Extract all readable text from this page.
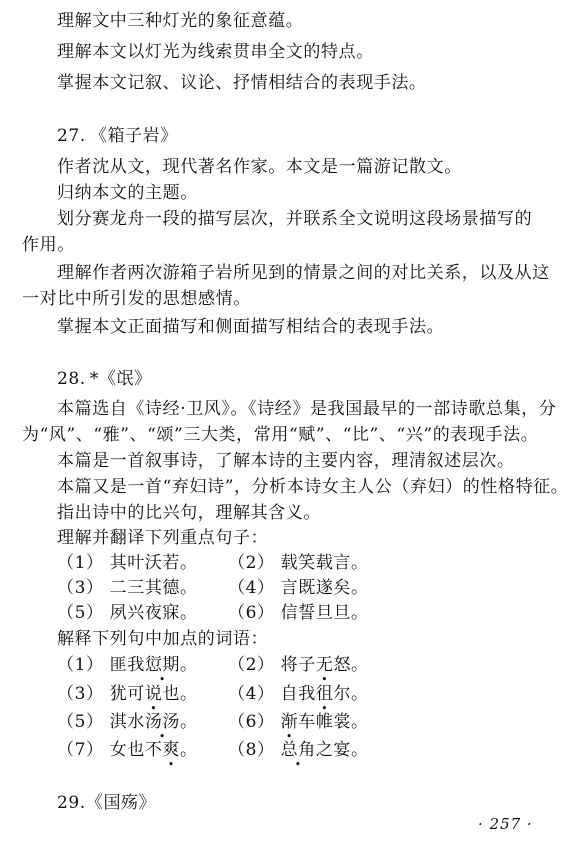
理解文中三种灯光的象征意蕴。
理解本文以灯光为线索贯串全文的特点。
掌握本文记叙、议论、抒情相结合的表现手法。
27. 《箱子岩》
作者沈从文，现代著名作家。本文是一篇游记散文。
归纳本文的主题。
划分赛龙舟一段的描写层次，并联系全文说明这段场景描写的
作用。
理解作者两次游箱子岩所见到的情景之间的对比关系，以及从这
一对比中所引发的思想感情。
掌握本文正面描写和侧面描写相结合的表现手法。
28. *《氓》
本篇选自《诗经·卫风》。《诗经》是我国最早的一部诗歌总集，分
为“风”、“雅”、“颂”三大类，常用“赋”、“比”、“兴”的表现手法。
本篇是一首叙事诗，了解本诗的主要内容，理清叙述层次。
本篇又是一首“弃妇诗”，分析本诗女主人公（弃妇）的性格特征。
指出诗中的比兴句，理解其含义。
理解并翻译下列重点句子：
（1） 其叶沃若。 （2） 载笑载言。
（3） 二三其德。 （4） 言既遂矣。
（5） 夙兴夜寐。 （6） 信誓旦旦。
解释下列句中加点的词语：
（1） 匪我愆期。 （2） 将子无怒。
（3） 犹可说也。 （4） 自我徂尔。
（5） 淇水汤汤。 （6） 渐车帷裳。
（7） 女也不爽。 （8） 总角之宴。
29.《国殇》
· 257 ·
